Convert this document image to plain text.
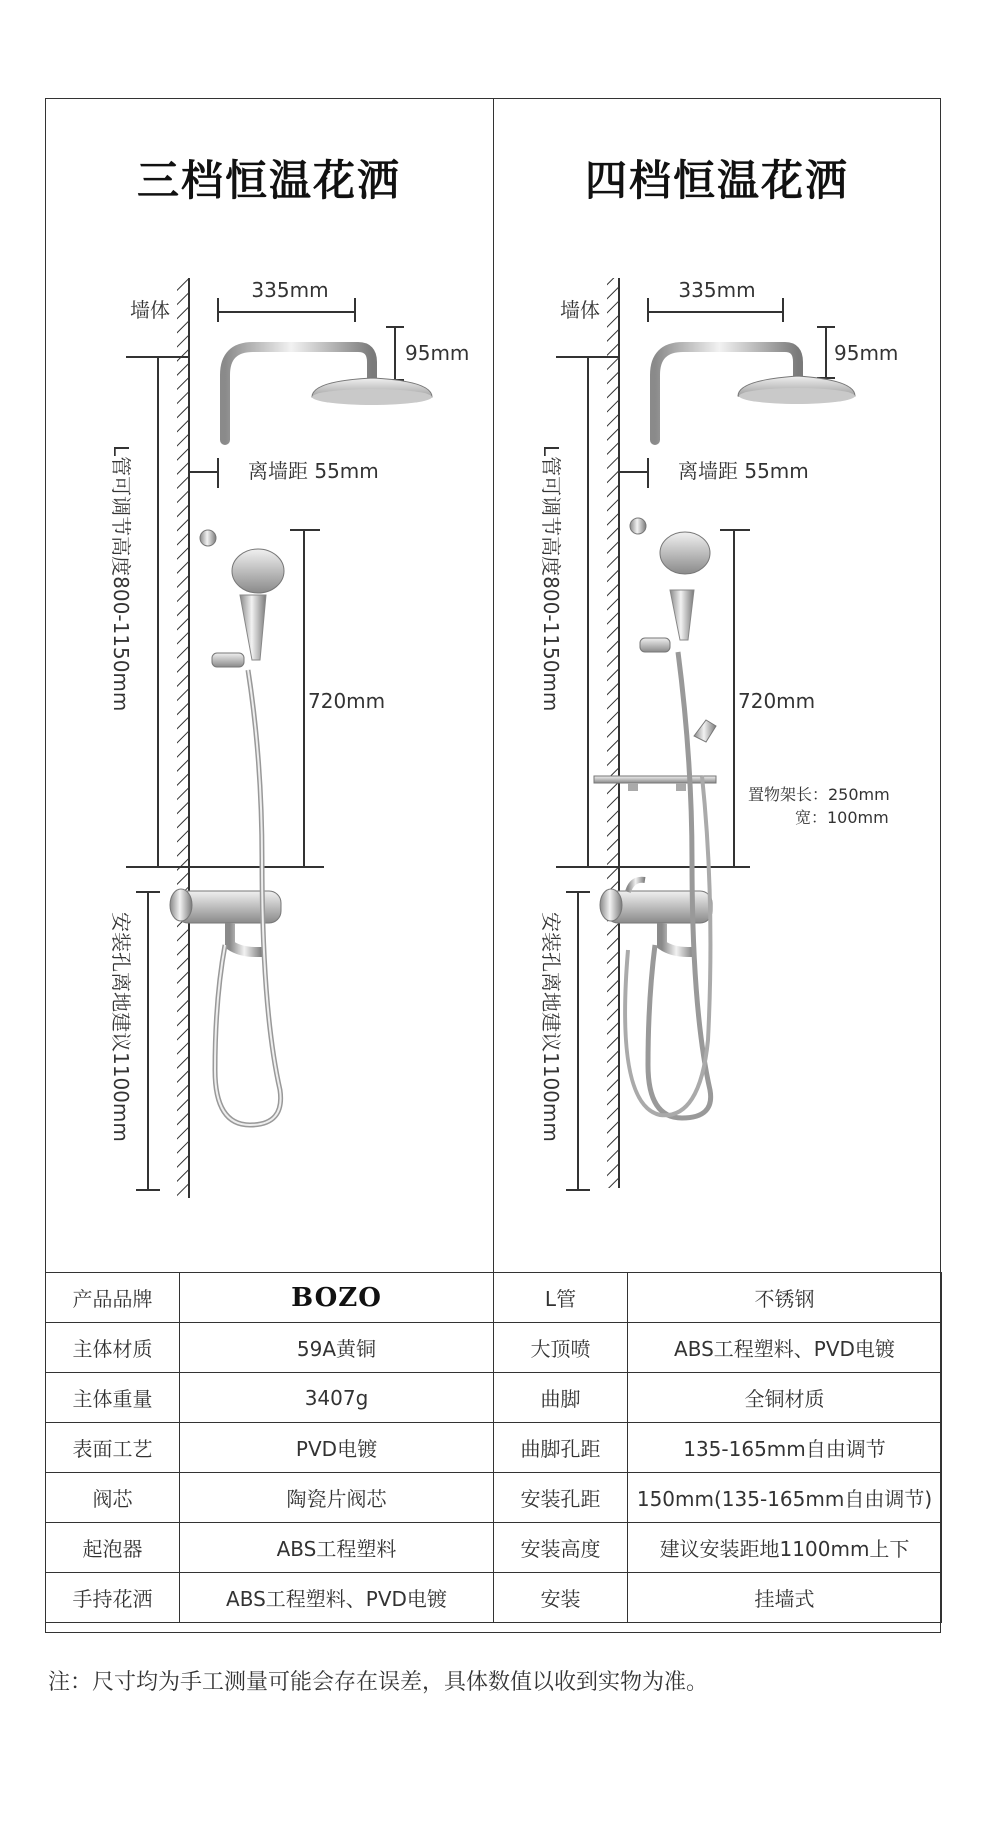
三档恒温花洒	四档恒温花洒
墙体
335mm
95mm
离墙距 55mm
720mm
L管可调节高度800-1150mm
安装孔离地建议1100mm
墙体
335mm
95mm
离墙距 55mm
720mm
L管可调节高度800-1150mm
置物架长：250mm
宽：100mm
安装孔离地建议1100mm
产品品牌	BOZO	L管	不锈钢
主体材质	59A黄铜	大顶喷	ABS工程塑料、PVD电镀
主体重量	3407g	曲脚	全铜材质
表面工艺	PVD电镀	曲脚孔距	135-165mm自由调节
阀芯	陶瓷片阀芯	安装孔距	150mm(135-165mm自由调节)
起泡器	ABS工程塑料	安装高度	建议安装距地1100mm上下
手持花洒	ABS工程塑料、PVD电镀	安装	挂墙式
注：尺寸均为手工测量可能会存在误差，具体数值以收到实物为准。
